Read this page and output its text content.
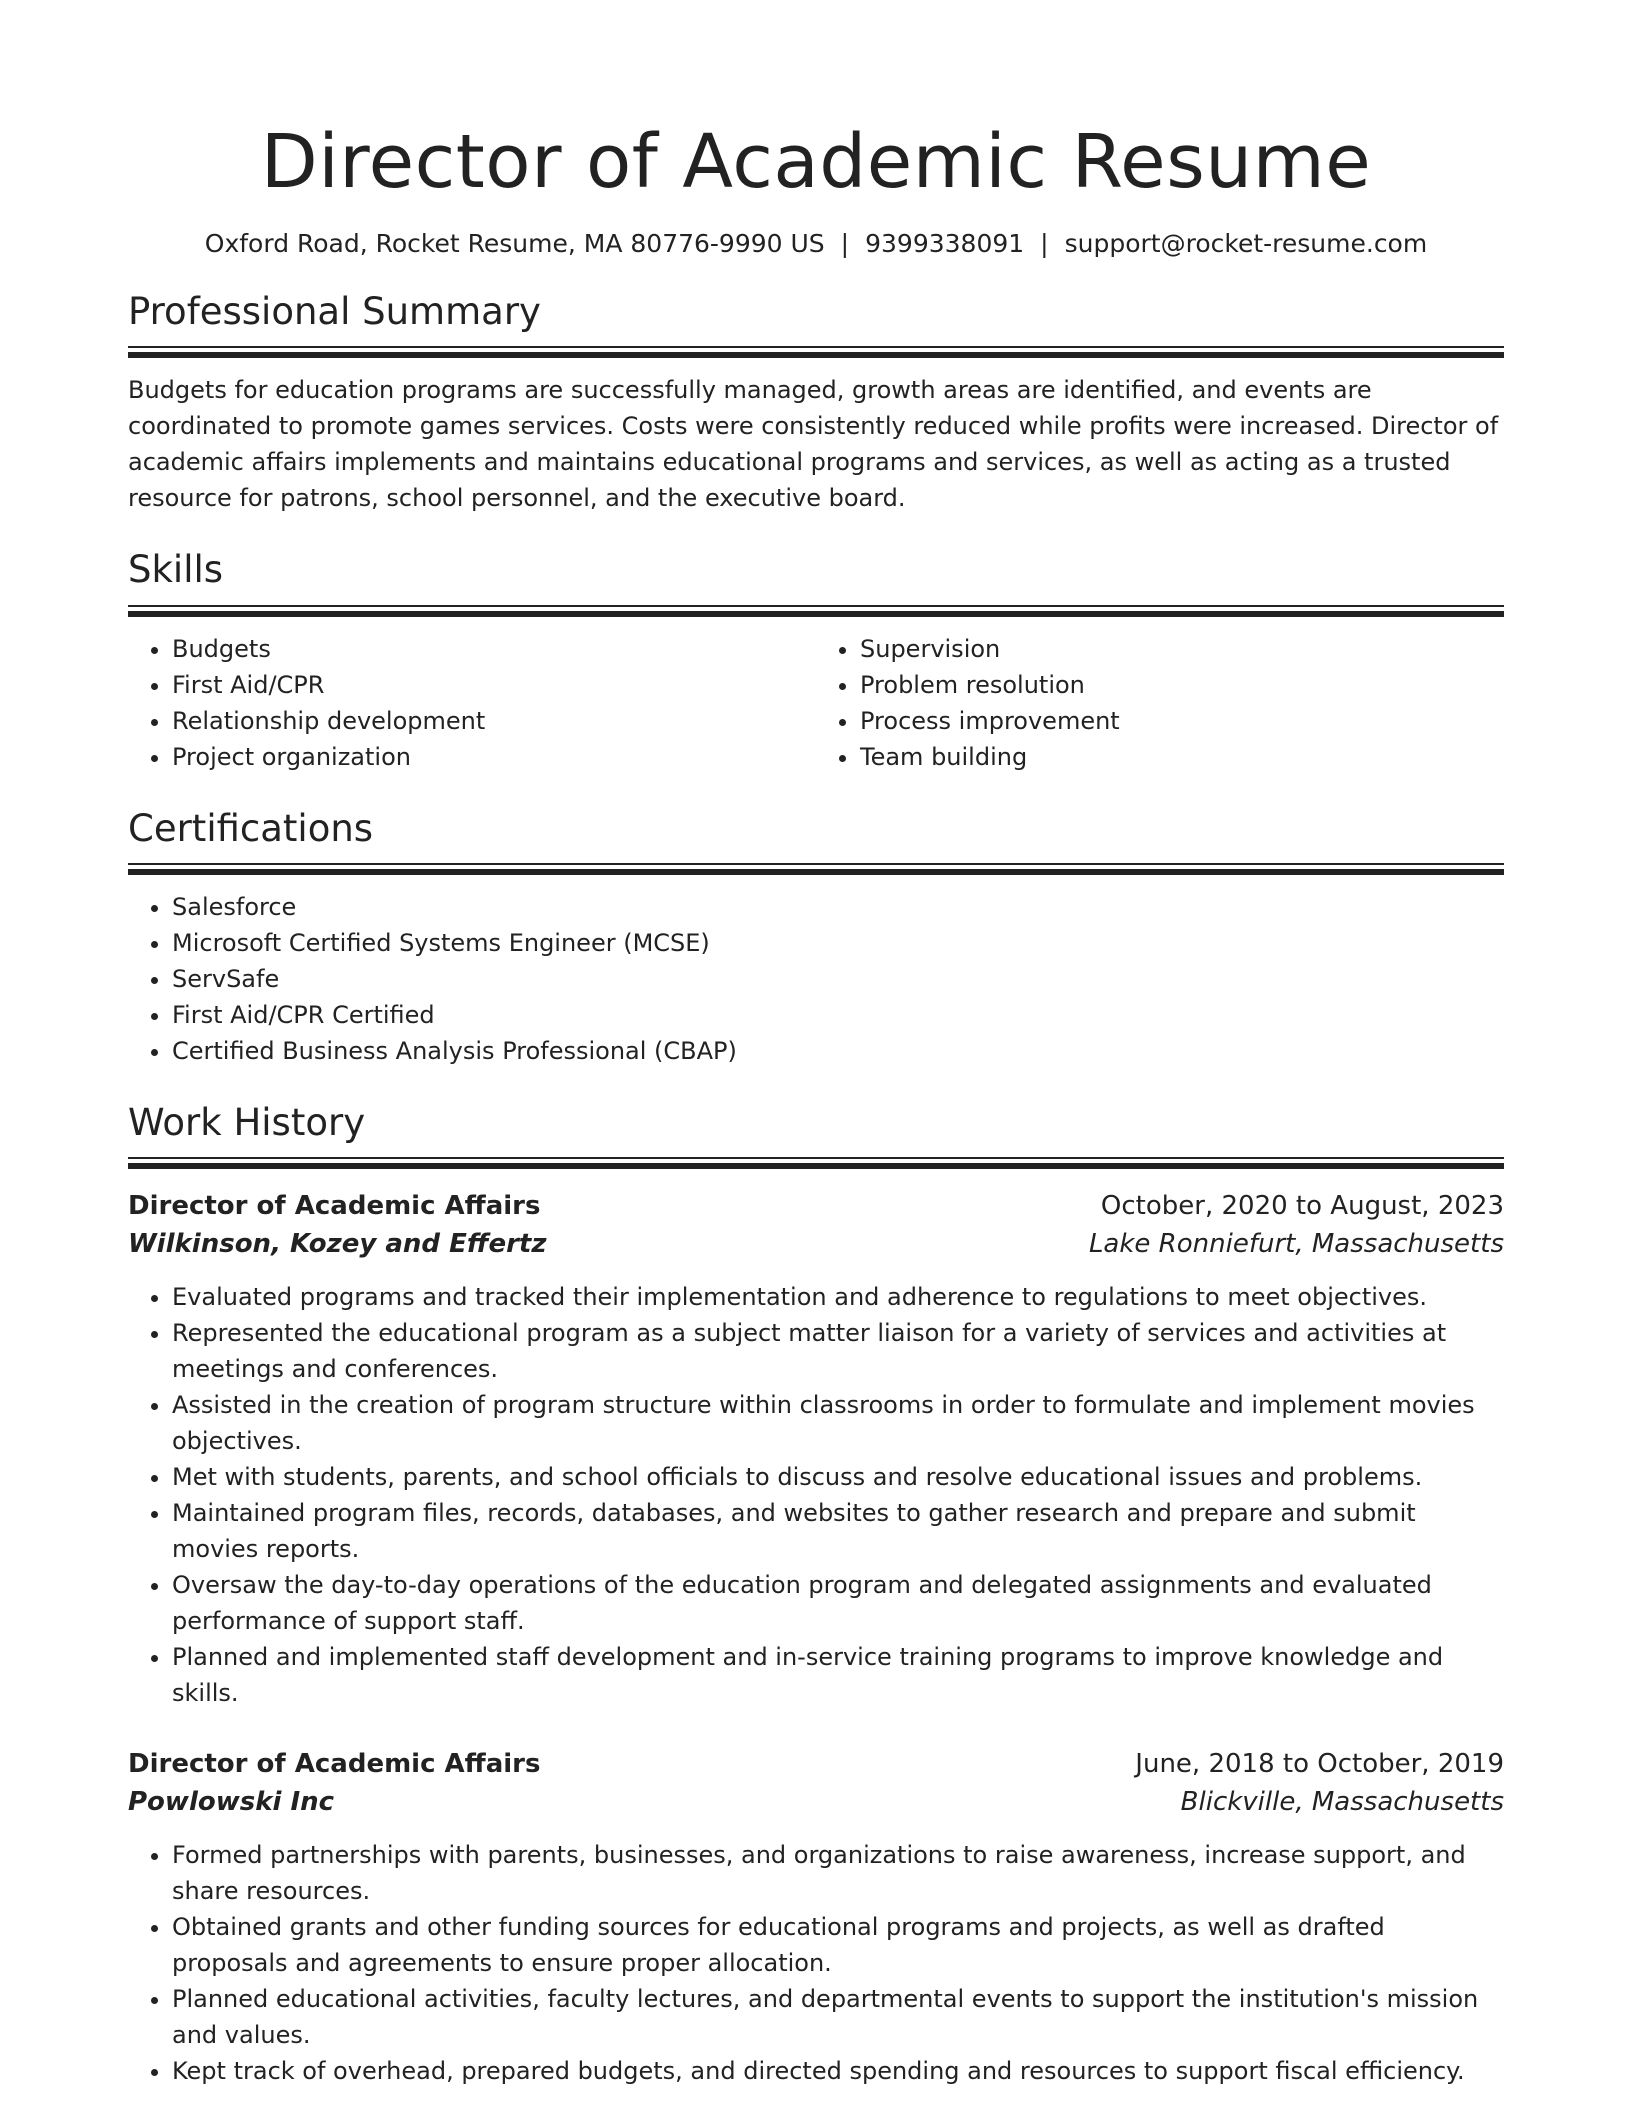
Director of Academic Resume
Oxford Road, Rocket Resume, MA 80776-9990 US | 9399338091 | support@rocket-resume.com
Professional Summary

Budgets for education programs are successfully managed, growth areas are identified, and events are coordinated to promote games services. Costs were consistently reduced while profits were increased. Director of academic affairs implements and maintains educational programs and services, as well as acting as a trusted resource for patrons, school personnel, and the executive board.

Skills
• Budgets
• First Aid/CPR
• Relationship development
• Project organization
• Supervision
• Problem resolution
• Process improvement
• Team building
Certifications
• Salesforce
• Microsoft Certified Systems Engineer (MCSE)
• ServSafe
• First Aid/CPR Certified
• Certified Business Analysis Professional (CBAP)
Work History
Director of Academic Affairs	October, 2020 to August, 2023
Wilkinson, Kozey and Effertz	Lake Ronniefurt, Massachusetts
• Evaluated programs and tracked their implementation and adherence to regulations to meet objectives.
• Represented the educational program as a subject matter liaison for a variety of services and activities at meetings and conferences.
• Assisted in the creation of program structure within classrooms in order to formulate and implement movies objectives.
• Met with students, parents, and school officials to discuss and resolve educational issues and problems.
• Maintained program files, records, databases, and websites to gather research and prepare and submit movies reports.
• Oversaw the day-to-day operations of the education program and delegated assignments and evaluated performance of support staff.
• Planned and implemented staff development and in-service training programs to improve knowledge and skills.
Director of Academic Affairs	June, 2018 to October, 2019
Powlowski Inc	Blickville, Massachusetts
• Formed partnerships with parents, businesses, and organizations to raise awareness, increase support, and share resources.
• Obtained grants and other funding sources for educational programs and projects, as well as drafted proposals and agreements to ensure proper allocation.
• Planned educational activities, faculty lectures, and departmental events to support the institution's mission and values.
• Kept track of overhead, prepared budgets, and directed spending and resources to support fiscal efficiency.
